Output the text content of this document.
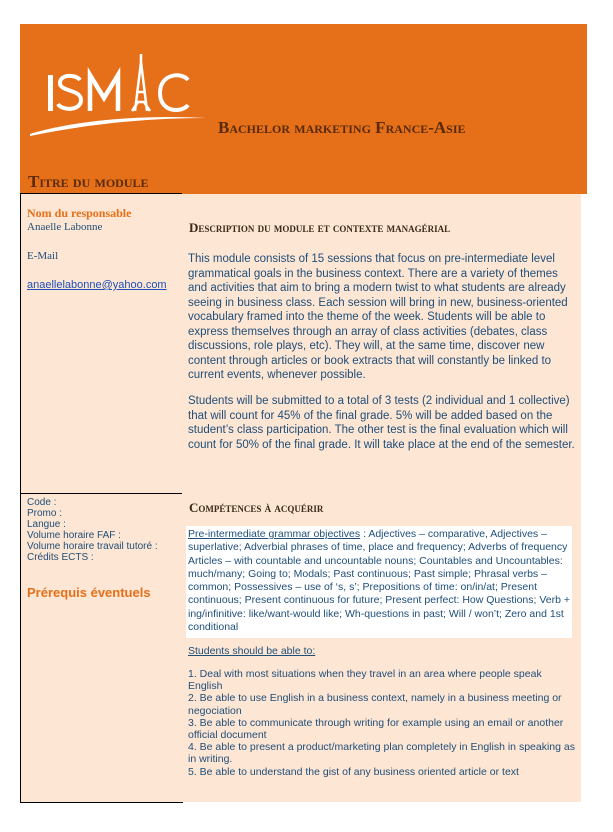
Bachelor marketing France-Asie
Titre du module
Nom du responsable
Anaelle Labonne
E-Mail
anaellelabonne@yahoo.com
Code :
Promo :
Langue :
Volume horaire FAF :
Volume horaire travail tutoré :
Crédits ECTS :
Prérequis éventuels
Description du module et contexte managérial
This module consists of 15 sessions that focus on pre-intermediate level grammatical goals in the business context. There are a variety of themes and activities that aim to bring a modern twist to what students are already seeing in business class. Each session will bring in new, business-oriented vocabulary framed into the theme of the week. Students will be able to express themselves through an array of class activities (debates, class discussions, role plays, etc). They will, at the same time, discover new content through articles or book extracts that will constantly be linked to current events, whenever possible.
Students will be submitted to a total of 3 tests (2 individual and 1 collective) that will count for 45% of the final grade. 5% will be added based on the student’s class participation. The other test is the final evaluation which will count for 50% of the final grade. It will take place at the end of the semester.
Compétences à acquérir
Pre-intermediate grammar objectives : Adjectives – comparative, Adjectives – superlative; Adverbial phrases of time, place and frequency; Adverbs of frequency Articles – with countable and uncountable nouns; Countables and Uncountables: much/many; Going to; Modals; Past continuous; Past simple; Phrasal verbs – common; Possessives – use of ‘s, s’; Prepositions of time: on/in/at; Present continuous; Present continuous for future; Present perfect: How Questions; Verb + ing/infinitive: like/want-would like; Wh-questions in past; Will / won’t; Zero and 1st conditional
Students should be able to:
1. Deal with most situations when they travel in an area where people speak English
2. Be able to use English in a business context, namely in a business meeting or negociation
3. Be able to communicate through writing for example using an email or another official document
4. Be able to present a product/marketing plan completely in English in speaking as in writing.
5. Be able to understand the gist of any business oriented article or text
